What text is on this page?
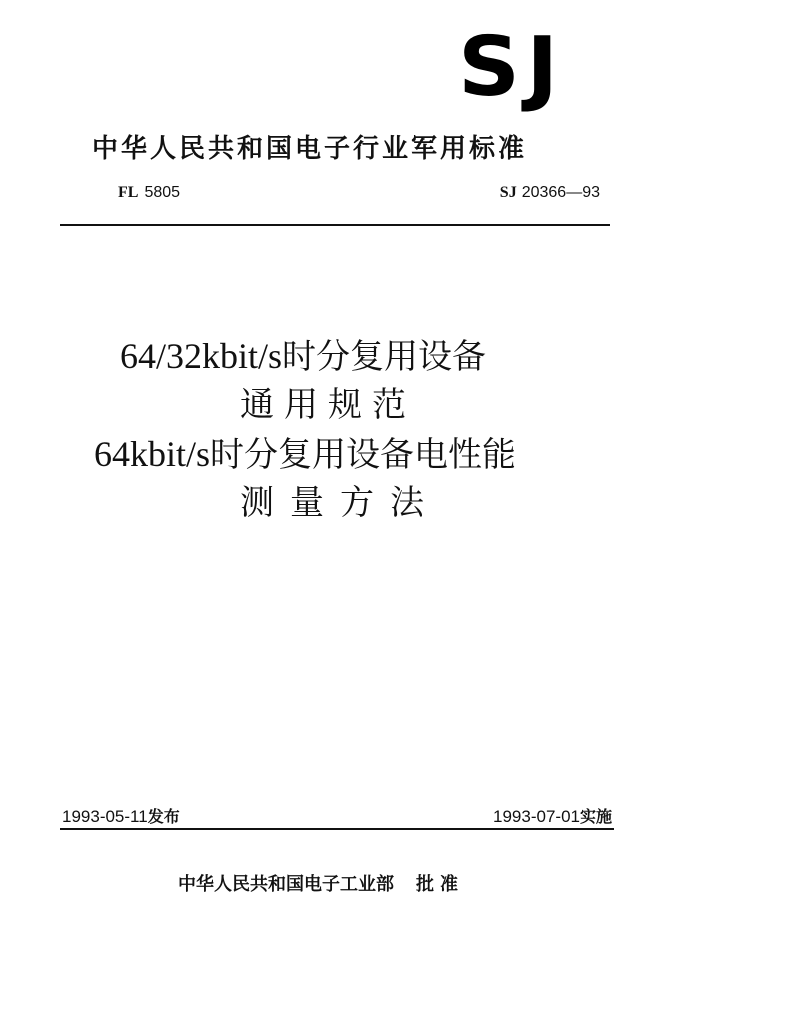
SJ
中华人民共和国电子行业军用标准
FL 5805	SJ 20366—93
64/32kbit/s时分复用设备
通用规范
64kbit/s时分复用设备电性能
测量方法
1993-05-11发布	1993-07-01实施
中华人民共和国电子工业部 批准
